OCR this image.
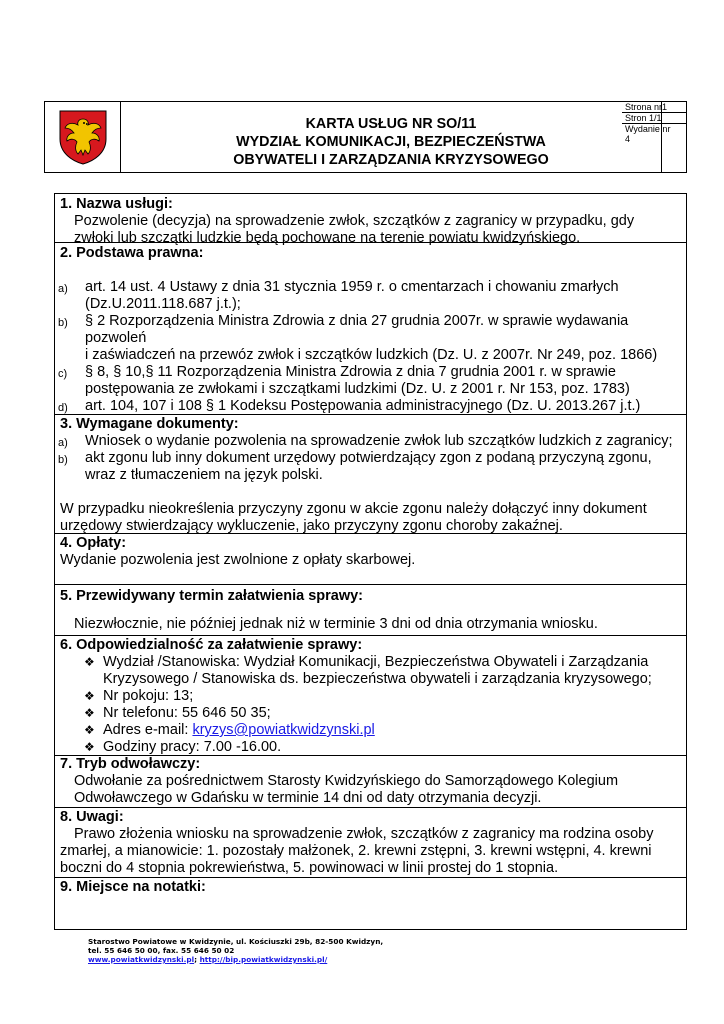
KARTA USŁUG NR SO/11
WYDZIAŁ KOMUNIKACJI, BEZPIECZEŃSTWA
OBYWATELI I ZARZĄDZANIA KRYZYSOWEGO
Strona nr1
Stron 1/1
Wydanie nr
4
1. Nazwa usługi:
Pozwolenie (decyzja) na sprowadzenie zwłok, szczątków z zagranicy w przypadku, gdy
zwłoki lub szczątki ludzkie będą pochowane na terenie powiatu kwidzyńskiego.
2. Podstawa prawna:
a) art. 14 ust. 4 Ustawy z dnia 31 stycznia 1959 r. o cmentarzach i chowaniu zmarłych
(Dz.U.2011.118.687 j.t.);
b) § 2 Rozporządzenia Ministra Zdrowia z dnia 27 grudnia 2007r. w sprawie wydawania
pozwoleń
i zaświadczeń na przewóz zwłok i szczątków ludzkich (Dz. U. z 2007r. Nr 249, poz. 1866)
c) § 8, § 10,§ 11 Rozporządzenia Ministra Zdrowia z dnia 7 grudnia 2001 r. w sprawie
postępowania ze zwłokami i szczątkami ludzkimi (Dz. U. z 2001 r. Nr 153, poz. 1783)
d) art. 104, 107 i 108 § 1 Kodeksu Postępowania administracyjnego (Dz. U. 2013.267 j.t.)
3. Wymagane dokumenty:
a) Wniosek o wydanie pozwolenia na sprowadzenie zwłok lub szczątków ludzkich z zagranicy;
b) akt zgonu lub inny dokument urzędowy potwierdzający zgon z podaną przyczyną zgonu,
wraz z tłumaczeniem na język polski.
W przypadku nieokreślenia przyczyny zgonu w akcie zgonu należy dołączyć inny dokument
urzędowy stwierdzający wykluczenie, jako przyczyny zgonu choroby zakaźnej.
4. Opłaty:
Wydanie pozwolenia jest zwolnione z opłaty skarbowej.
5. Przewidywany termin załatwienia sprawy:
Niezwłocznie, nie później jednak niż w terminie 3 dni od dnia otrzymania wniosku.
6. Odpowiedzialność za załatwienie sprawy:
❖ Wydział /Stanowiska: Wydział Komunikacji, Bezpieczeństwa Obywateli i Zarządzania
Kryzysowego / Stanowiska ds. bezpieczeństwa obywateli i zarządzania kryzysowego;
❖ Nr pokoju: 13;
❖ Nr telefonu: 55 646 50 35;
❖ Adres e-mail: kryzys@powiatkwidzynski.pl
❖ Godziny pracy: 7.00 -16.00.
7. Tryb odwoławczy:
Odwołanie za pośrednictwem Starosty Kwidzyńskiego do Samorządowego Kolegium
Odwoławczego w Gdańsku w terminie 14 dni od daty otrzymania decyzji.
8. Uwagi:
Prawo złożenia wniosku na sprowadzenie zwłok, szczątków z zagranicy ma rodzina osoby
zmarłej, a mianowicie: 1. pozostały małżonek, 2. krewni zstępni, 3. krewni wstępni, 4. krewni
boczni do 4 stopnia pokrewieństwa, 5. powinowaci w linii prostej do 1 stopnia.
9. Miejsce na notatki:
Starostwo Powiatowe w Kwidzynie, ul. Kościuszki 29b, 82-500 Kwidzyn,
tel. 55 646 50 00, fax. 55 646 50 02
www.powiatkwidzynski.pl; http://bip.powiatkwidzynski.pl/
